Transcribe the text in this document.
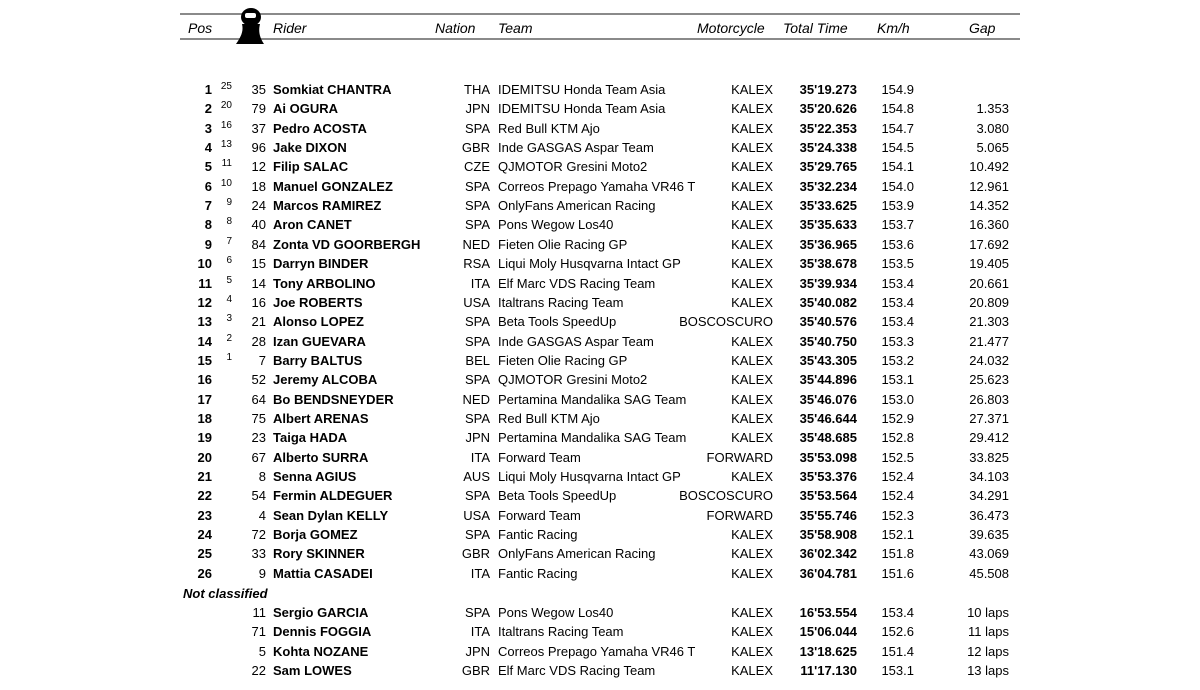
Pos	Rider	Nation Team	Motorcycle Total Time Km/h	Gap
1 25	35 Somkiat CHANTRA	THA IDEMITSU Honda Team Asia	KALEX	35'19.273	154.9
2 20	79 Ai OGURA	JPN IDEMITSU Honda Team Asia	KALEX	35'20.626	154.8	1.353
3 16	37 Pedro ACOSTA	SPA Red Bull KTM Ajo	KALEX	35'22.353	154.7	3.080
4 13	96 Jake DIXON	GBR Inde GASGAS Aspar Team	KALEX	35'24.338	154.5	5.065
5 11	12 Filip SALAC	CZE QJMOTOR Gresini Moto2	KALEX	35'29.765	154.1	10.492
6 10	18 Manuel GONZALEZ	SPA Correos Prepago Yamaha VR46 T	KALEX	35'32.234	154.0	12.961
7	9	24 Marcos RAMIREZ	SPA OnlyFans American Racing	KALEX	35'33.625	153.9	14.352
8	8	40 Aron CANET	SPA Pons Wegow Los40	KALEX	35'35.633	153.7	16.360
9	7	84 Zonta VD GOORBERGH	NED Fieten Olie Racing GP	KALEX	35'36.965	153.6	17.692
10	6	15 Darryn BINDER	RSA Liqui Moly Husqvarna Intact GP	KALEX	35'38.678	153.5	19.405
11	5	14 Tony ARBOLINO	ITA Elf Marc VDS Racing Team	KALEX	35'39.934	153.4	20.661
12	4	16 Joe ROBERTS	USA Italtrans Racing Team	KALEX	35'40.082	153.4	20.809
13	3	21 Alonso LOPEZ	SPA Beta Tools SpeedUp	BOSCOSCURO	35'40.576	153.4	21.303
14	2	28 Izan GUEVARA	SPA Inde GASGAS Aspar Team	KALEX	35'40.750	153.3	21.477
15	1	7 Barry BALTUS	BEL Fieten Olie Racing GP	KALEX	35'43.305	153.2	24.032
16	52 Jeremy ALCOBA	SPA QJMOTOR Gresini Moto2	KALEX	35'44.896	153.1	25.623
17	64 Bo BENDSNEYDER	NED Pertamina Mandalika SAG Team	KALEX	35'46.076	153.0	26.803
18	75 Albert ARENAS	SPA Red Bull KTM Ajo	KALEX	35'46.644	152.9	27.371
19	23 Taiga HADA	JPN Pertamina Mandalika SAG Team	KALEX	35'48.685	152.8	29.412
20	67 Alberto SURRA	ITA Forward Team	FORWARD	35'53.098	152.5	33.825
21	8 Senna AGIUS	AUS Liqui Moly Husqvarna Intact GP	KALEX	35'53.376	152.4	34.103
22	54 Fermin ALDEGUER	SPA Beta Tools SpeedUp	BOSCOSCURO	35'53.564	152.4	34.291
23	4 Sean Dylan KELLY	USA Forward Team	FORWARD	35'55.746	152.3	36.473
24	72 Borja GOMEZ	SPA Fantic Racing	KALEX	35'58.908	152.1	39.635
25	33 Rory SKINNER	GBR OnlyFans American Racing	KALEX	36'02.342	151.8	43.069
26	9 Mattia CASADEI	ITA Fantic Racing	KALEX	36'04.781	151.6	45.508
Not classified
11 Sergio GARCIA	SPA Pons Wegow Los40	KALEX	16'53.554	153.4	10 laps
71 Dennis FOGGIA	ITA Italtrans Racing Team	KALEX	15'06.044	152.6	11 laps
5 Kohta NOZANE	JPN Correos Prepago Yamaha VR46 T	KALEX	13'18.625	151.4	12 laps
22 Sam LOWES	GBR Elf Marc VDS Racing Team	KALEX	11'17.130	153.1	13 laps
